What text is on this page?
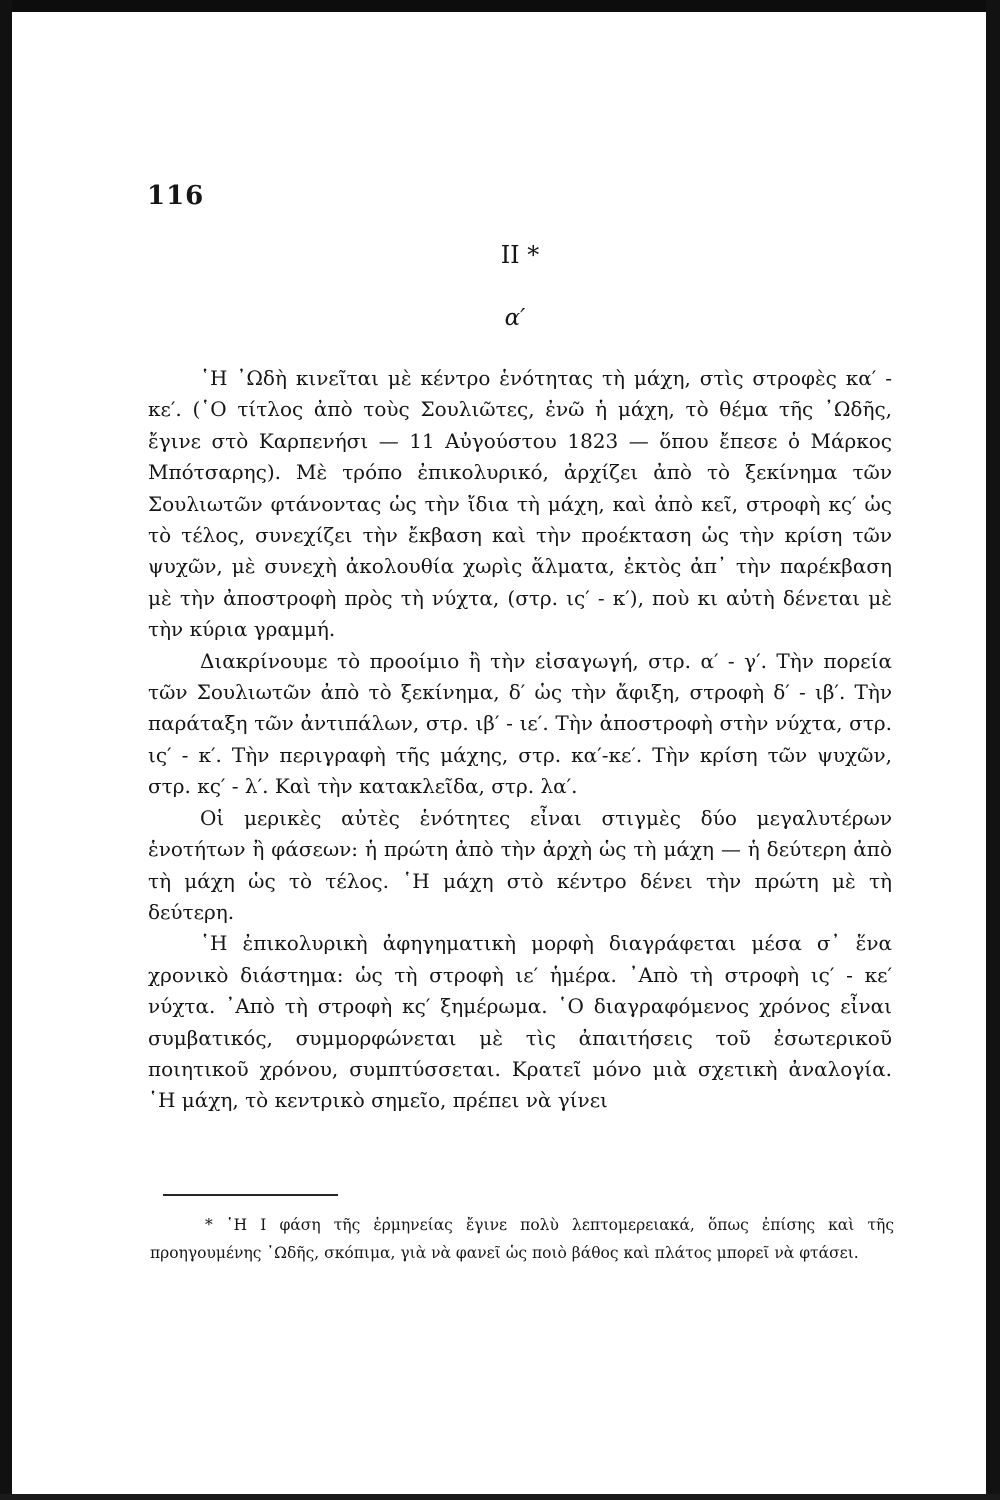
116
II *
α′

῾Η ᾿Ωδὴ κινεῖται μὲ κέντρο ἑνότητας τὴ μάχη, στὶς στροφὲς κα′ - κε′. (῾Ο τίτλος ἀπὸ τοὺς Σουλιῶτες, ἐνῶ ἡ μάχη, τὸ θέμα τῆς ᾿Ωδῆς, ἔγινε στὸ Καρπενήσι — 11 Αὐγούστου 1823 — ὅπου ἔπεσε ὁ Μάρκος Μπότσαρης). Μὲ τρόπο ἐπικολυρικό, ἀρχίζει ἀπὸ τὸ ξεκίνημα τῶν Σουλιωτῶν φτάνοντας ὡς τὴν ἴδια τὴ μάχη, καὶ ἀπὸ κεῖ, στροφὴ κς′ ὡς τὸ τέλος, συνεχίζει τὴν ἔκβαση καὶ τὴν προέκταση ὡς τὴν κρίση τῶν ψυχῶν, μὲ συνεχὴ ἀκολουθία χωρὶς ἅλματα, ἐκτὸς ἀπ᾿ τὴν παρέκβαση μὲ τὴν ἀποστροφὴ πρὸς τὴ νύχτα, (στρ. ις′ - κ′), ποὺ κι αὐτὴ δένεται μὲ τὴν κύρια γραμμή.

Διακρίνουμε τὸ προοίμιο ἢ τὴν εἰσαγωγή, στρ. α′ - γ′. Τὴν πορεία τῶν Σουλιωτῶν ἀπὸ τὸ ξεκίνημα, δ′ ὡς τὴν ἄφιξη, στροφὴ δ′ - ιβ′. Τὴν παράταξη τῶν ἀντιπάλων, στρ. ιβ′ - ιε′. Τὴν ἀποστροφὴ στὴν νύχτα, στρ. ις′ - κ′. Τὴν περιγραφὴ τῆς μάχης, στρ. κα′-κε′. Τὴν κρίση τῶν ψυχῶν, στρ. κς′ - λ′. Καὶ τὴν κατακλεῖδα, στρ. λα′.

Οἱ μερικὲς αὐτὲς ἑνότητες εἶναι στιγμὲς δύο μεγαλυτέρων ἑνοτήτων ἢ φάσεων: ἡ πρώτη ἀπὸ τὴν ἀρχὴ ὡς τὴ μάχη — ἡ δεύτερη ἀπὸ τὴ μάχη ὡς τὸ τέλος. ῾Η μάχη στὸ κέντρο δένει τὴν πρώτη μὲ τὴ δεύτερη.

῾Η ἐπικολυρικὴ ἀφηγηματικὴ μορφὴ διαγράφεται μέσα σ᾿ ἕνα χρονικὸ διάστημα: ὡς τὴ στροφὴ ιε′ ἡμέρα. ᾿Απὸ τὴ στροφὴ ις′ - κε′ νύχτα. ᾿Απὸ τὴ στροφὴ κς′ ξημέρωμα. ῾Ο διαγραφόμενος χρόνος εἶναι συμβατικός, συμμορφώνεται μὲ τὶς ἀπαιτήσεις τοῦ ἐσωτερικοῦ ποιητικοῦ χρόνου, συμπτύσσεται. Κρατεῖ μόνο μιὰ σχετικὴ ἀναλογία. ῾Η μάχη, τὸ κεντρικὸ σημεῖο, πρέπει νὰ γίνει

* ῾Η Ι φάση τῆς ἑρμηνείας ἔγινε πολὺ λεπτομερειακά, ὅπως ἐπίσης καὶ τῆς προηγουμένης ᾿Ωδῆς, σκόπιμα, γιὰ νὰ φανεῖ ὡς ποιὸ βάθος καὶ πλάτος μπορεῖ νὰ φτάσει.
